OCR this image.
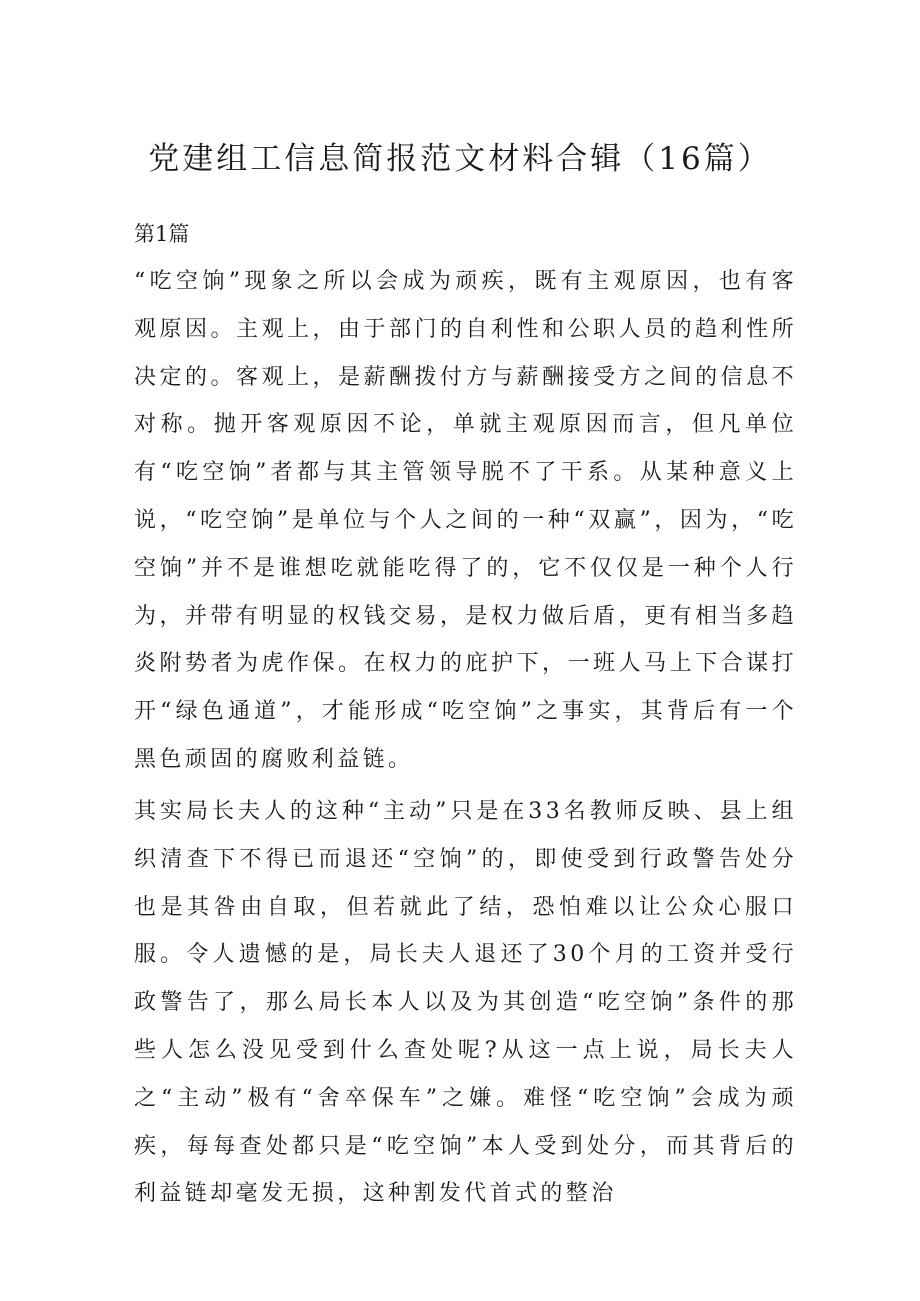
党建组工信息简报范文材料合辑（16篇）

第1篇

“吃空饷”现象之所以会成为顽疾，既有主观原因，也有客观原因。主观上，由于部门的自利性和公职人员的趋利性所决定的。客观上，是薪酬拨付方与薪酬接受方之间的信息不对称。抛开客观原因不论，单就主观原因而言，但凡单位有“吃空饷”者都与其主管领导脱不了干系。从某种意义上说，“吃空饷”是单位与个人之间的一种“双赢”，因为，“吃空饷”并不是谁想吃就能吃得了的，它不仅仅是一种个人行为，并带有明显的权钱交易，是权力做后盾，更有相当多趋炎附势者为虎作保。在权力的庇护下，一班人马上下合谋打开“绿色通道”，才能形成“吃空饷”之事实，其背后有一个黑色顽固的腐败利益链。

其实局长夫人的这种“主动”只是在33名教师反映、县上组织清查下不得已而退还“空饷”的，即使受到行政警告处分也是其咎由自取，但若就此了结，恐怕难以让公众心服口服。令人遗憾的是，局长夫人退还了30个月的工资并受行政警告了，那么局长本人以及为其创造“吃空饷”条件的那些人怎么没见受到什么查处呢?从这一点上说，局长夫人之“主动”极有“舍卒保车”之嫌。难怪“吃空饷”会成为顽疾，每每查处都只是“吃空饷”本人受到处分，而其背后的利益链却毫发无损，这种割发代首式的整治
